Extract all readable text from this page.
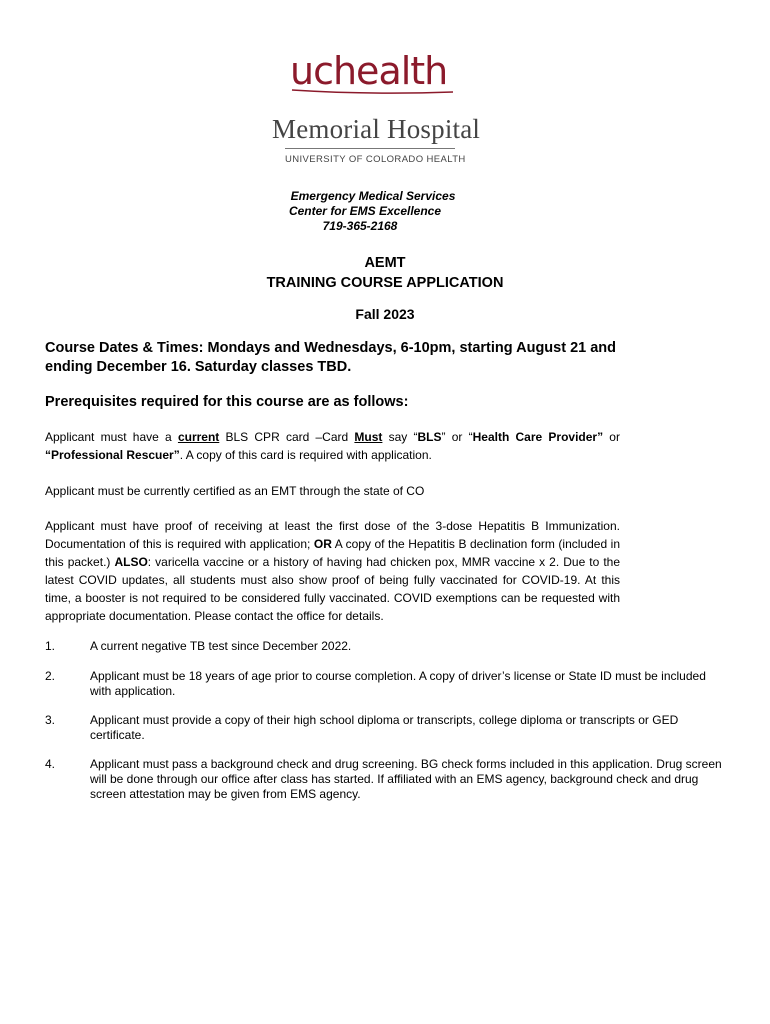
uchealth
Memorial Hospital
UNIVERSITY OF COLORADO HEALTH
Emergency Medical Services
Center for EMS Excellence
719-365-2168
AEMT
TRAINING COURSE APPLICATION
Fall 2023
Course Dates & Times: Mondays and Wednesdays, 6-10pm, starting August 21 and ending December 16. Saturday classes TBD.
Prerequisites required for this course are as follows:
Applicant must have a current BLS CPR card –Card Must say “BLS” or “Health Care Provider” or “Professional Rescuer”. A copy of this card is required with application.
Applicant must be currently certified as an EMT through the state of CO
Applicant must have proof of receiving at least the first dose of the 3-dose Hepatitis B Immunization. Documentation of this is required with application; OR A copy of the Hepatitis B declination form (included in this packet.) ALSO: varicella vaccine or a history of having had chicken pox, MMR vaccine x 2. Due to the latest COVID updates, all students must also show proof of being fully vaccinated for COVID-19. At this time, a booster is not required to be considered fully vaccinated. COVID exemptions can be requested with appropriate documentation. Please contact the office for details.
1.	A current negative TB test since December 2022.
2.	Applicant must be 18 years of age prior to course completion. A copy of driver’s license or State ID must be included with application.
3.	Applicant must provide a copy of their high school diploma or transcripts, college diploma or transcripts or GED certificate.
4.	Applicant must pass a background check and drug screening. BG check forms included in this application. Drug screen will be done through our office after class has started. If affiliated with an EMS agency, background check and drug screen attestation may be given from EMS agency.
